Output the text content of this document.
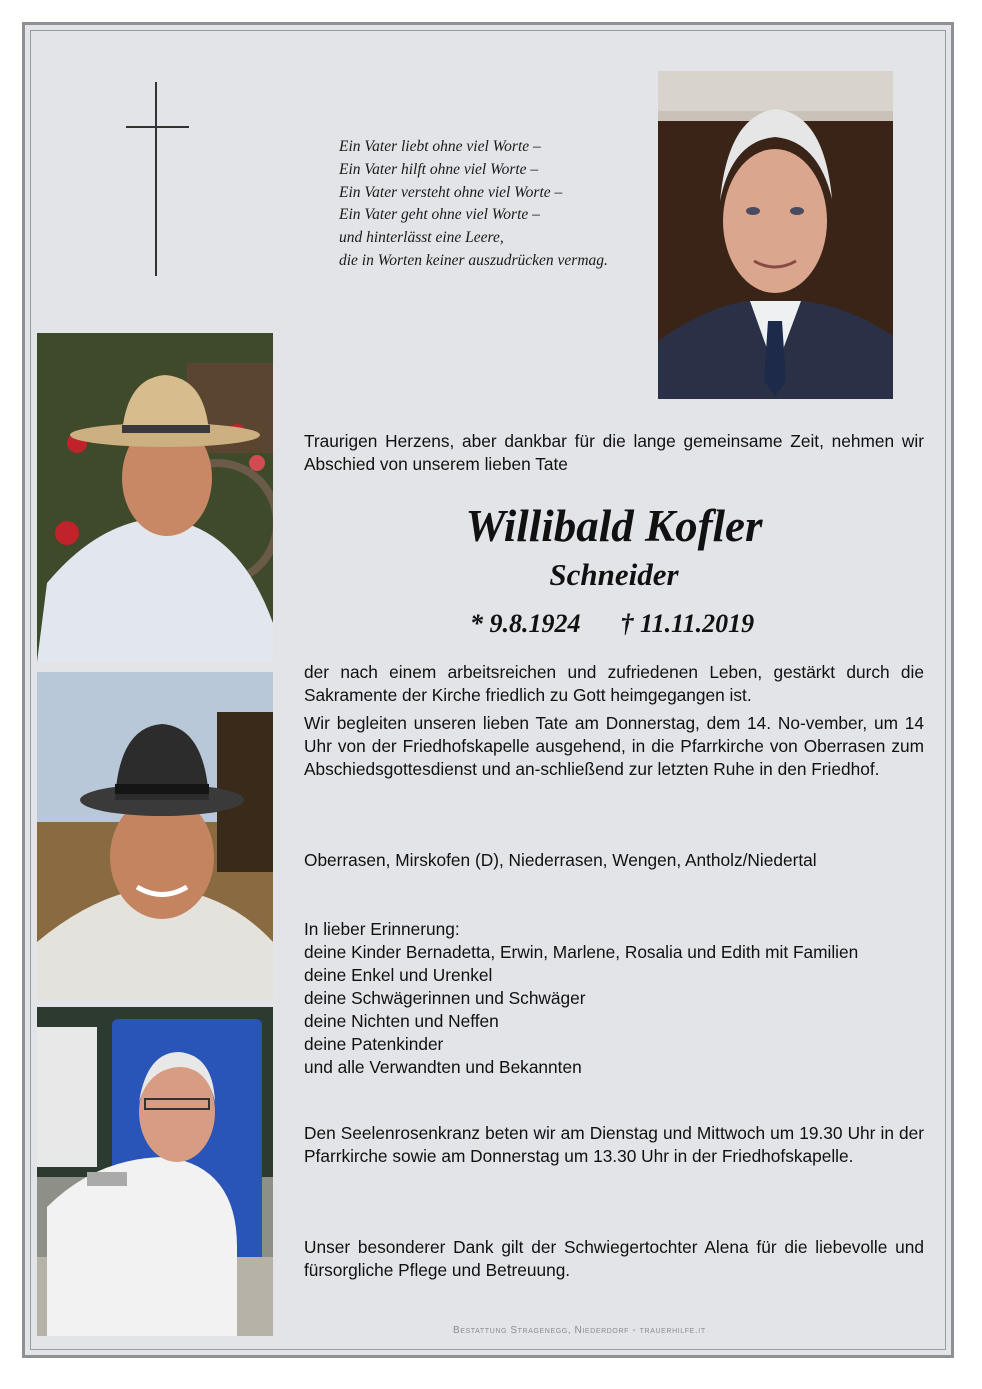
Ein Vater liebt ohne viel Worte –
Ein Vater hilft ohne viel Worte –
Ein Vater versteht ohne viel Worte –
Ein Vater geht ohne viel Worte –
und hinterlässt eine Leere,
die in Worten keiner auszudrücken vermag.
Traurigen Herzens, aber dankbar für die lange gemeinsame Zeit, nehmen wir Abschied von unserem lieben Tate
Willibald Kofler
Schneider
* 9.8.1924 † 11.11.2019
der nach einem arbeitsreichen und zufriedenen Leben, gestärkt durch die Sakramente der Kirche friedlich zu Gott heimgegangen ist.
Wir begleiten unseren lieben Tate am Donnerstag, dem 14. No-vember, um 14 Uhr von der Friedhofskapelle ausgehend, in die Pfarrkirche von Oberrasen zum Abschiedsgottesdienst und an-schließend zur letzten Ruhe in den Friedhof.
Oberrasen, Mirskofen (D), Niederrasen, Wengen, Antholz/Niedertal
In lieber Erinnerung:
deine Kinder Bernadetta, Erwin, Marlene, Rosalia und Edith mit Familien
deine Enkel und Urenkel
deine Schwägerinnen und Schwäger
deine Nichten und Neffen
deine Patenkinder
und alle Verwandten und Bekannten
Den Seelenrosenkranz beten wir am Dienstag und Mittwoch um 19.30 Uhr in der Pfarrkirche sowie am Donnerstag um 13.30 Uhr in der Friedhofskapelle.
Unser besonderer Dank gilt der Schwiegertochter Alena für die liebevolle und fürsorgliche Pflege und Betreuung.
Bestattung Stragenegg, Niederdorf - trauerhilfe.it
